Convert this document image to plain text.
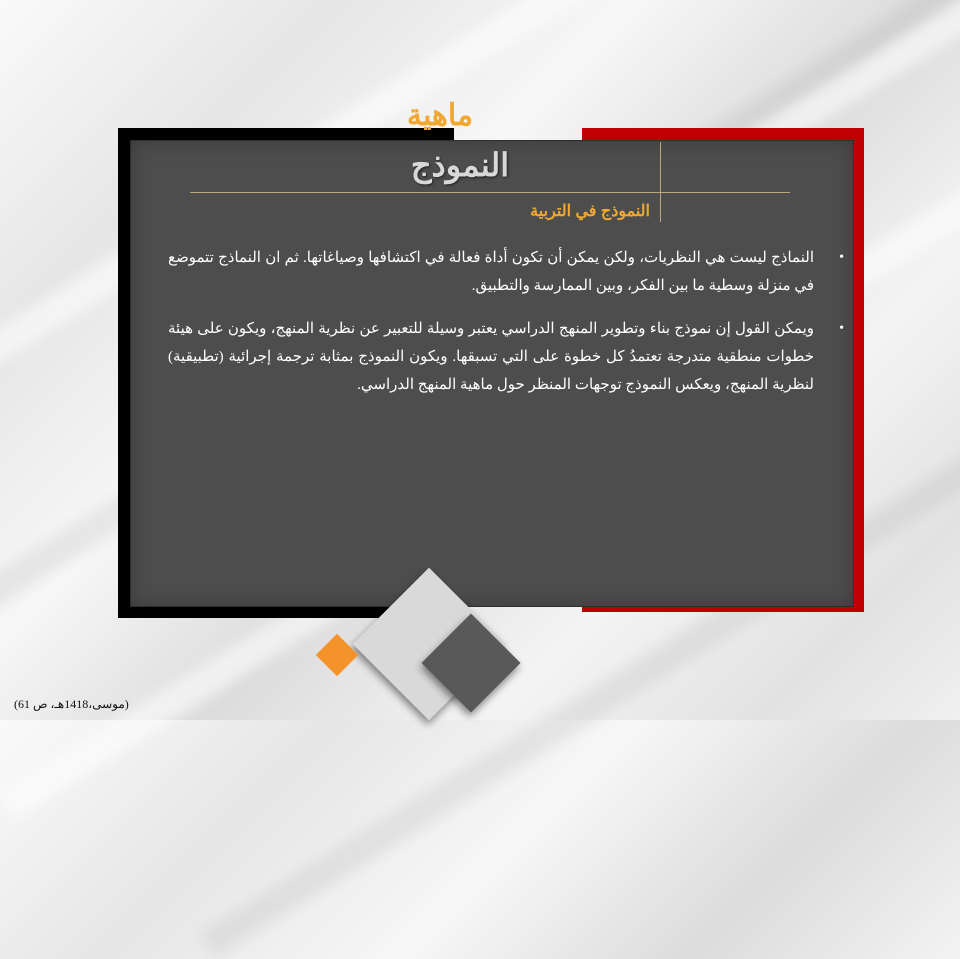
ماهية
النموذج
النموذج في التربية
•
النماذج ليست هي النظريات، ولكن يمكن أن تكون أداة فعالة في اكتشافها وصياغاتها. ثم ان النماذج تتموضع في منزلة وسطية ما بين الفكر، وبين الممارسة والتطبيق.
•
ويمكن القول إن نموذج بناء وتطوير المنهج الدراسي يعتبر وسيلة للتعبير عن نظرية المنهج، ويكون على هيئة خطوات منطقية متدرجة تعتمدُ كل خطوة على التي تسبقها. ويكون النموذج بمثابة ترجمة إجرائية (تطبيقية) لنظرية المنهج، ويعكس النموذج توجهات المنظر حول ماهية المنهج الدراسي.
(موسى،1418هـ، ص 61)
